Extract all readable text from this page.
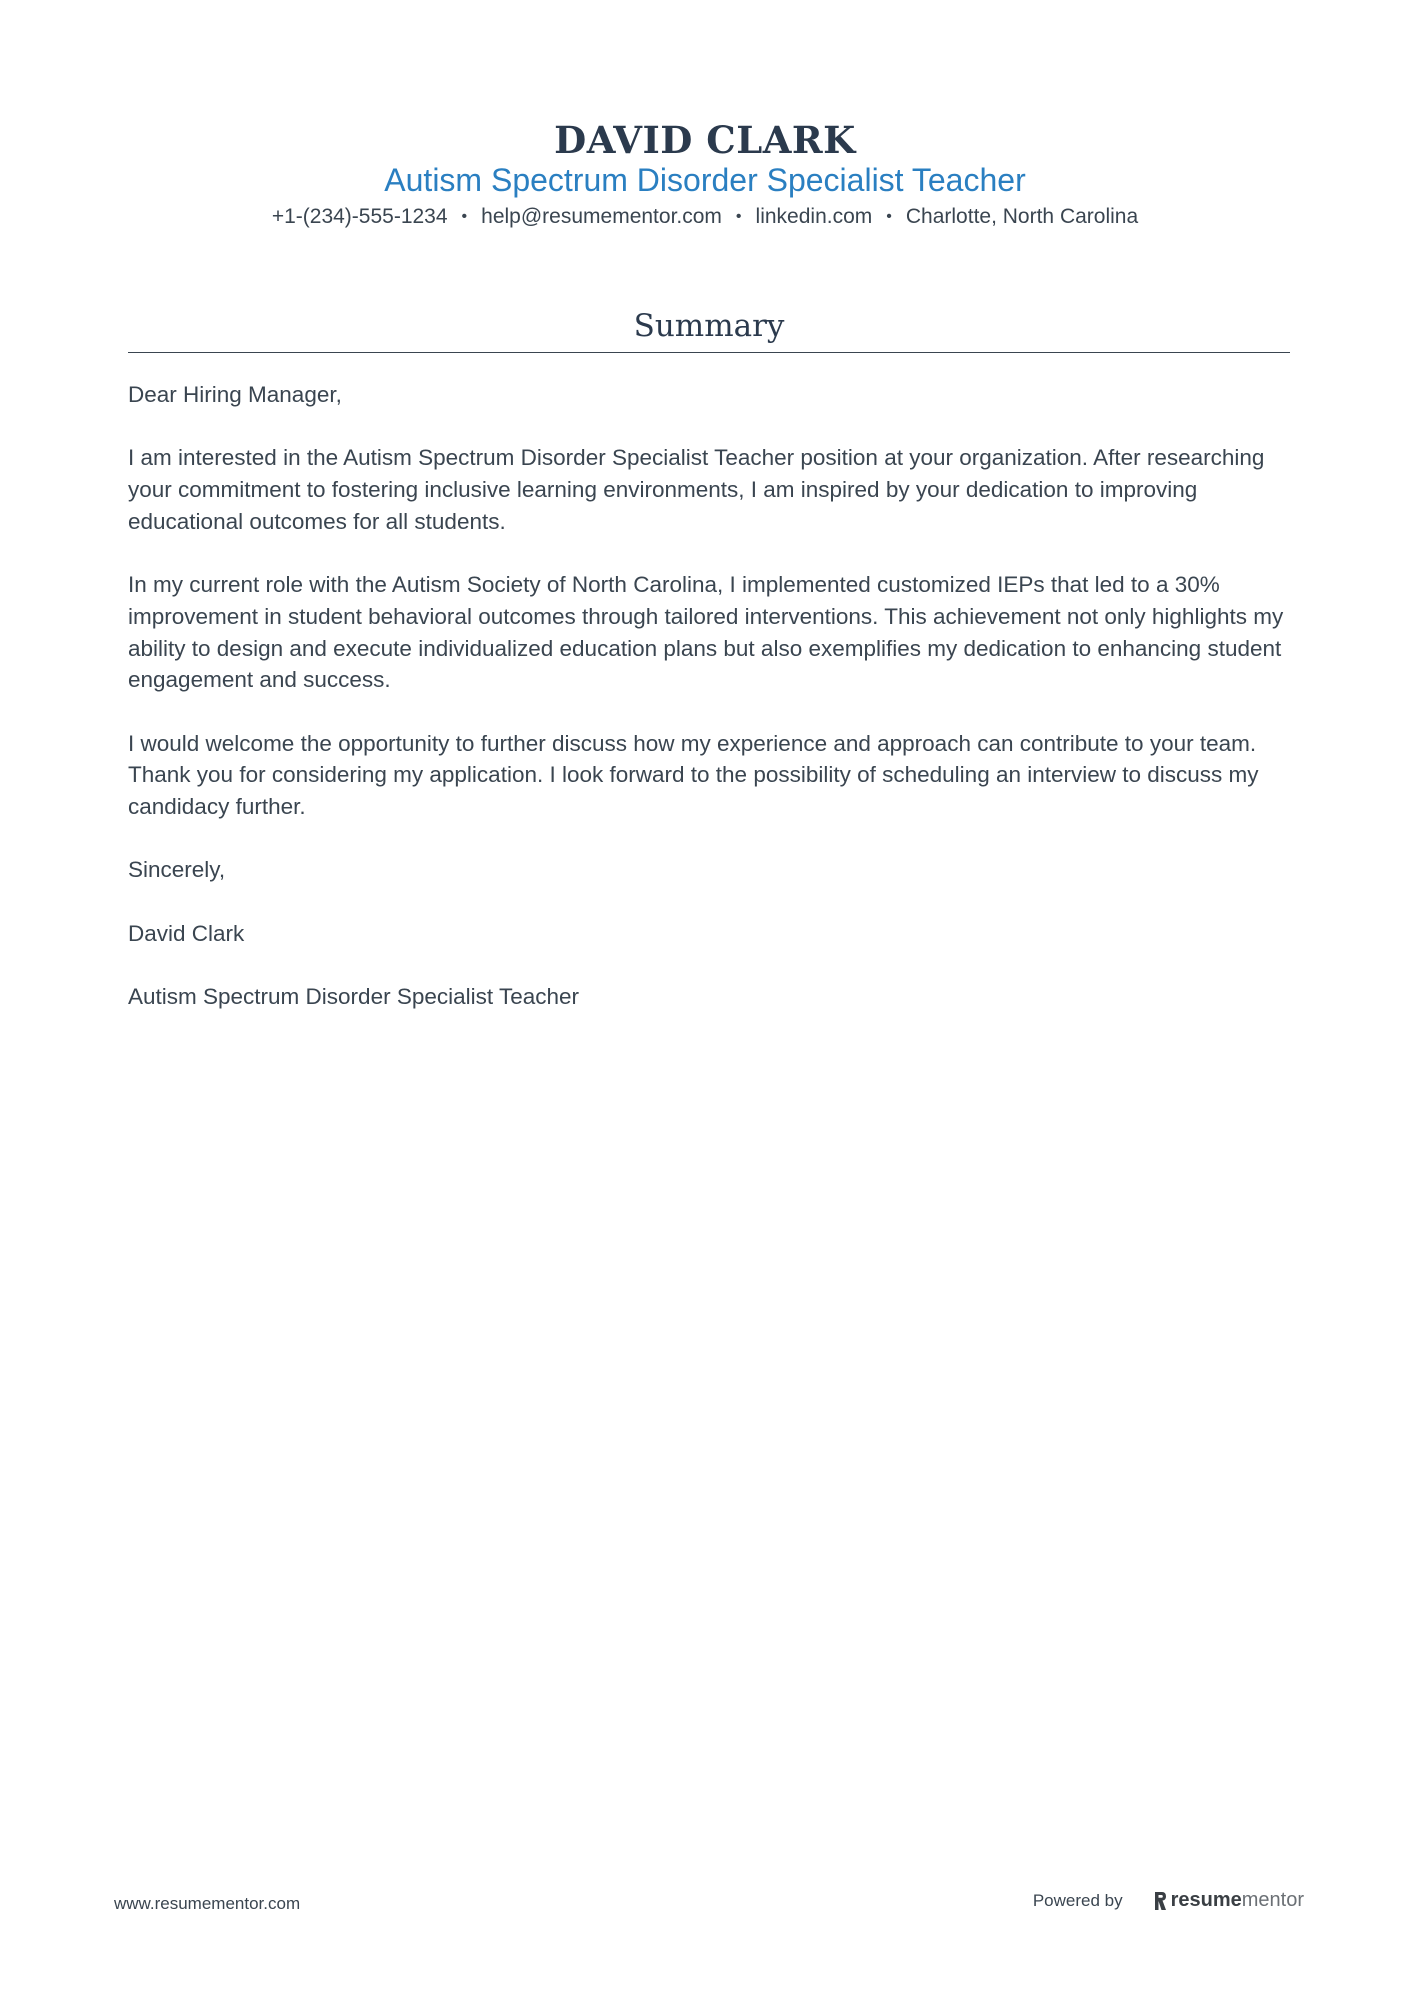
DAVID CLARK
Autism Spectrum Disorder Specialist Teacher
+1-(234)-555-1234 • help@resumementor.com • linkedin.com • Charlotte, North Carolina
Summary

Dear Hiring Manager,

I am interested in the Autism Spectrum Disorder Specialist Teacher position at your organization. After researching your commitment to fostering inclusive learning environments, I am inspired by your dedication to improving educational outcomes for all students.

In my current role with the Autism Society of North Carolina, I implemented customized IEPs that led to a 30% improvement in student behavioral outcomes through tailored interventions. This achievement not only highlights my ability to design and execute individualized education plans but also exemplifies my dedication to enhancing student engagement and success.

I would welcome the opportunity to further discuss how my experience and approach can contribute to your team. Thank you for considering my application. I look forward to the possibility of scheduling an interview to discuss my candidacy further.

Sincerely,

David Clark

Autism Spectrum Disorder Specialist Teacher

www.resumementor.com	Powered by resume mentor
